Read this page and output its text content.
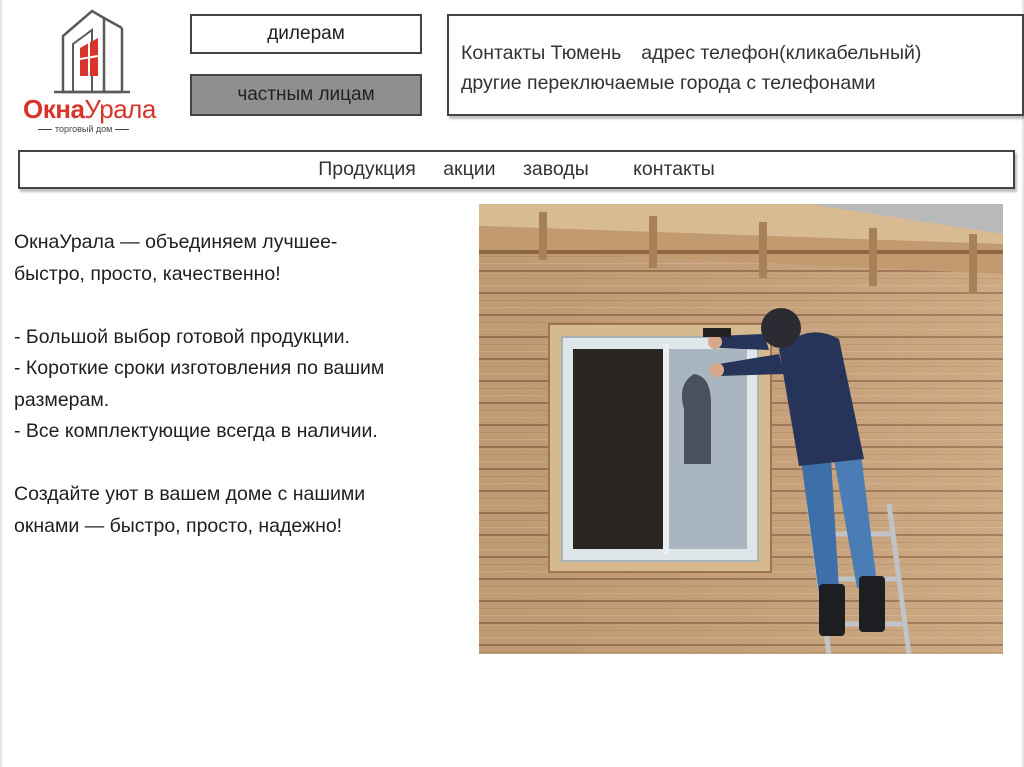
ОкнаУрала
торговый дом
дилерам
частным лицам
Контакты Тюмень адрес телефон(кликабельный)
другие переключаемые города с телефонами
Продукция акции заводы контакты

ОкнаУрала — объединяем лучшее-

быстро, просто, качественно!

- Большой выбор готовой продукции.

- Короткие сроки изготовления по вашим

размерам.

- Все комплектующие всегда в наличии.

Создайте уют в вашем доме с нашими

окнами — быстро, просто, надежно!
